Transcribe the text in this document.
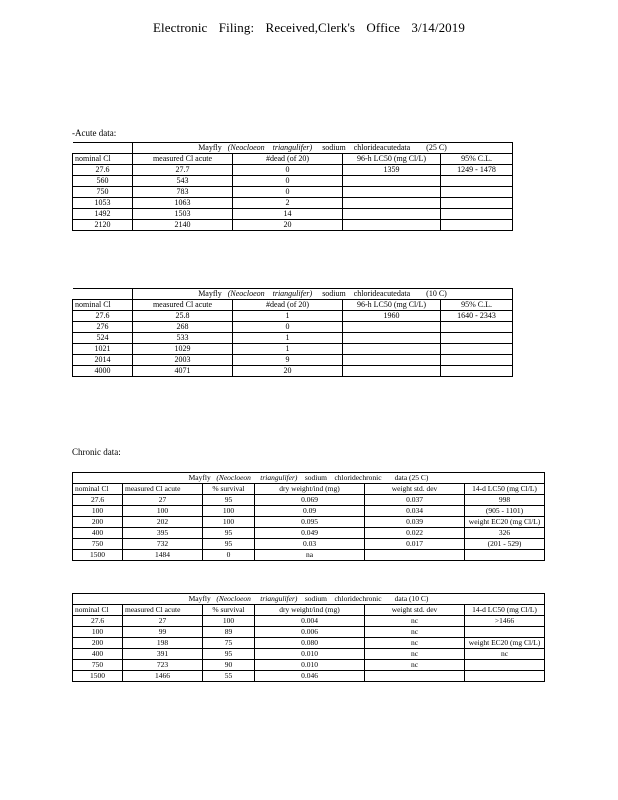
Electronic Filing: Received,Clerk's Office 3/14/2019
-Acute data:
	Mayfly (Neocloeon triangulifer) sodium chlorideacutedata (25 C)			
nominal Cl	measured Cl acute	#dead (of 20)	96-h LC50 (mg Cl/L)	95% C.L.
27.6	27.7	0	1359	1249 - 1478
560	543	0		
750	783	0		
1053	1063	2		
1492	1503	14		
2120	2140	20		
	Mayfly (Neocloeon triangulifer) sodium chlorideacutedata (10 C)			
nominal Cl	measured Cl acute	#dead (of 20)	96-h LC50 (mg Cl/L)	95% C.L.
27.6	25.8	1	1960	1640 - 2343
276	268	0		
524	533	1		
1021	1029	1		
2014	2003	9		
4000	4071	20		
Chronic data:
Mayfly (Neocloeon triangulifer) sodium chloridechronic data (25 C)					
nominal Cl	measured Cl acute	% survival	dry weight/ind (mg)	weight std. dev	14-d LC50 (mg Cl/L)
27.6	27	95	0.069	0.037	998
100	100	100	0.09	0.034	(905 - 1101)
200	202	100	0.095	0.039	weight EC20 (mg Cl/L)
400	395	95	0.049	0.022	326
750	732	95	0.03	0.017	(201 - 529)
1500	1484	0	na		
Mayfly (Neocloeon triangulifer) sodium chloridechronic data (10 C)					
nominal Cl	measured Cl acute	% survival	dry weight/ind (mg)	weight std. dev	14-d LC50 (mg Cl/L)
27.6	27	100	0.004	nc	>1466
100	99	89	0.006	nc	
200	198	75	0.080	nc	weight EC20 (mg Cl/L)
400	391	95	0.010	nc	nc
750	723	90	0.010	nc	
1500	1466	55	0.046		
